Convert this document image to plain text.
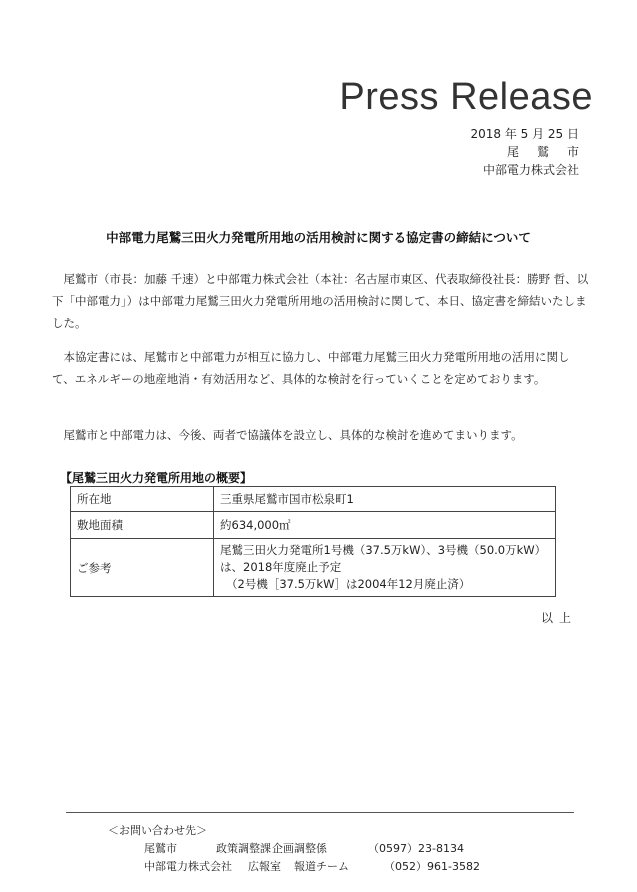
Press Release
2018 年 5 月 25 日
尾鷲市
中部電力株式会社
中部電力尾鷲三田火力発電所用地の活用検討に関する協定書の締結について
尾鷲市（市長：加藤 千速）と中部電力株式会社（本社：名古屋市東区、代表取締役社長：勝野 哲、以下「中部電力」）は中部電力尾鷲三田火力発電所用地の活用検討に関して、本日、協定書を締結いたしました。
本協定書には、尾鷲市と中部電力が相互に協力し、中部電力尾鷲三田火力発電所用地の活用に関して、エネルギーの地産地消・有効活用など、具体的な検討を行っていくことを定めております。
尾鷲市と中部電力は、今後、両者で協議体を設立し、具体的な検討を進めてまいります。
【尾鷲三田火力発電所用地の概要】
所在地	三重県尾鷲市国市松泉町1
敷地面積	約634,000㎡
ご参考	尾鷲三田火力発電所1号機（37.5万kW）、3号機（50.0万kW）
は、2018年度廃止予定
（2号機［37.5万kW］は2004年12月廃止済）
以上
＜お問い合わせ先＞
尾鷲市	政策調整課 企画調整係	（0597）23-8134
中部電力株式会社	広報室	報道チーム	（052）961-3582
